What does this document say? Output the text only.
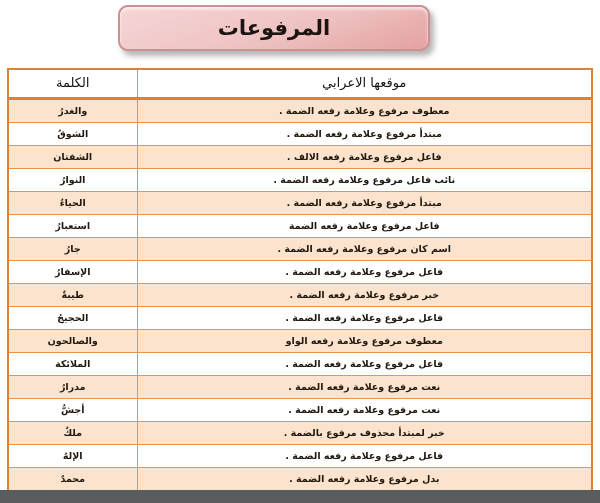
المرفوعات
الكلمة	موقعها الاعرابي
والغدرُ	معطوف مرفوع وعلامة رفعه الضمة .
الشوقُ	مبتدأ مرفوع وعلامة رفعه الضمة .
الشفتان	فاعل مرفوع وعلامة رفعه الالف .
النوارُ	نائب فاعل مرفوع وعلامة رفعه الضمة .
الحياءُ	مبتدأ مرفوع وعلامة رفعه الضمة .
استعبارُ	فاعل مرفوع وعلامة رفعه الضمة
جارُ	اسم كان مرفوع وعلامة رفعه الضمة .
الإسفارُ	فاعل مرفوع وعلامة رفعه الضمة .
طيبةٌ	خبر مرفوع وعلامة رفعه الضمة .
الحجيجُ	فاعل مرفوع وعلامة رفعه الضمة .
والصالحون	معطوف مرفوع وعلامة رفعه الواو
الملائكة	فاعل مرفوع وعلامة رفعه الضمة .
مدرارُ	نعت مرفوع وعلامة رفعه الضمة .
أجشُّ	نعت مرفوع وعلامة رفعه الضمة .
ملكٌ	خبر لمبتدأ محذوف مرفوع بالضمة .
الإلهُ	فاعل مرفوع وعلامة رفعه الضمة .
محمدٌ	بدل مرفوع وعلامة رفعه الضمة .
